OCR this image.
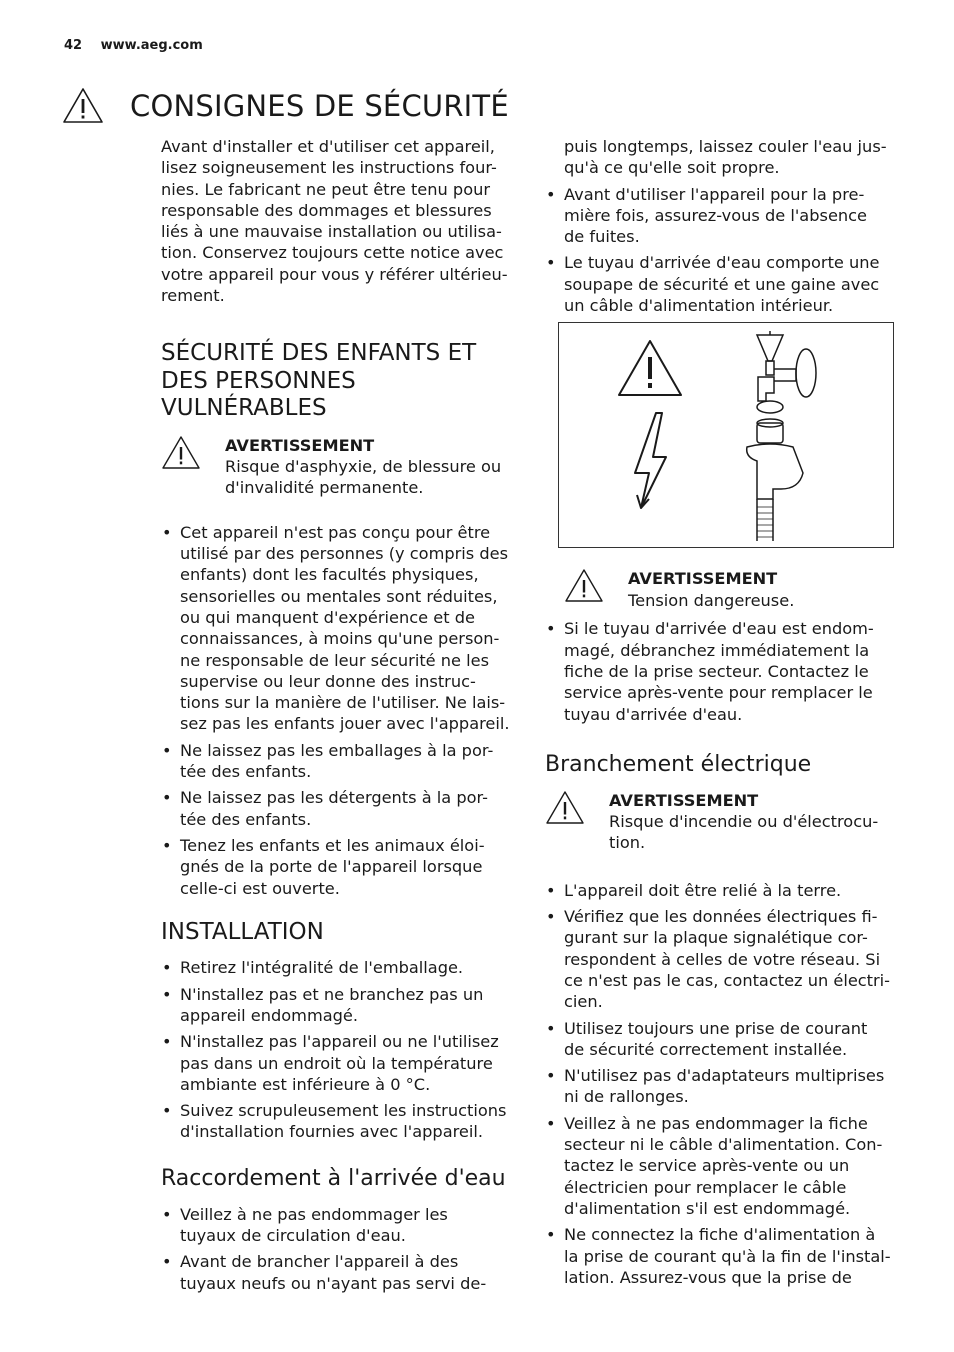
42 www.aeg.com
CONSIGNES DE SÉCURITÉ
Avant d'installer et d'utiliser cet appareil,
lisez soigneusement les instructions four-
nies. Le fabricant ne peut être tenu pour
responsable des dommages et blessures
liés à une mauvaise installation ou utilisa-
tion. Conservez toujours cette notice avec
votre appareil pour vous y référer ultérieu-
rement.
SÉCURITÉ DES ENFANTS ET
DES PERSONNES
VULNÉRABLES
AVERTISSEMENT
Risque d'asphyxie, de blessure ou
d'invalidité permanente.
• Cet appareil n'est pas conçu pour être
utilisé par des personnes (y compris des
enfants) dont les facultés physiques,
sensorielles ou mentales sont réduites,
ou qui manquent d'expérience et de
connaissances, à moins qu'une person-
ne responsable de leur sécurité ne les
supervise ou leur donne des instruc-
tions sur la manière de l'utiliser. Ne lais-
sez pas les enfants jouer avec l'appareil.
• Ne laissez pas les emballages à la por-
tée des enfants.
• Ne laissez pas les détergents à la por-
tée des enfants.
• Tenez les enfants et les animaux éloi-
gnés de la porte de l'appareil lorsque
celle-ci est ouverte.
INSTALLATION
• Retirez l'intégralité de l'emballage.
• N'installez pas et ne branchez pas un
appareil endommagé.
• N'installez pas l'appareil ou ne l'utilisez
pas dans un endroit où la température
ambiante est inférieure à 0 °C.
• Suivez scrupuleusement les instructions
d'installation fournies avec l'appareil.
Raccordement à l'arrivée d'eau
• Veillez à ne pas endommager les
tuyaux de circulation d'eau.
• Avant de brancher l'appareil à des
tuyaux neufs ou n'ayant pas servi de-
puis longtemps, laissez couler l'eau jus-
qu'à ce qu'elle soit propre.
• Avant d'utiliser l'appareil pour la pre-
mière fois, assurez-vous de l'absence
de fuites.
• Le tuyau d'arrivée d'eau comporte une
soupape de sécurité et une gaine avec
un câble d'alimentation intérieur.
AVERTISSEMENT
Tension dangereuse.
• Si le tuyau d'arrivée d'eau est endom-
magé, débranchez immédiatement la
fiche de la prise secteur. Contactez le
service après-vente pour remplacer le
tuyau d'arrivée d'eau.
Branchement électrique
AVERTISSEMENT
Risque d'incendie ou d'électrocu-
tion.
• L'appareil doit être relié à la terre.
• Vérifiez que les données électriques fi-
gurant sur la plaque signalétique cor-
respondent à celles de votre réseau. Si
ce n'est pas le cas, contactez un électri-
cien.
• Utilisez toujours une prise de courant
de sécurité correctement installée.
• N'utilisez pas d'adaptateurs multiprises
ni de rallonges.
• Veillez à ne pas endommager la fiche
secteur ni le câble d'alimentation. Con-
tactez le service après-vente ou un
électricien pour remplacer le câble
d'alimentation s'il est endommagé.
• Ne connectez la fiche d'alimentation à
la prise de courant qu'à la fin de l'instal-
lation. Assurez-vous que la prise de
